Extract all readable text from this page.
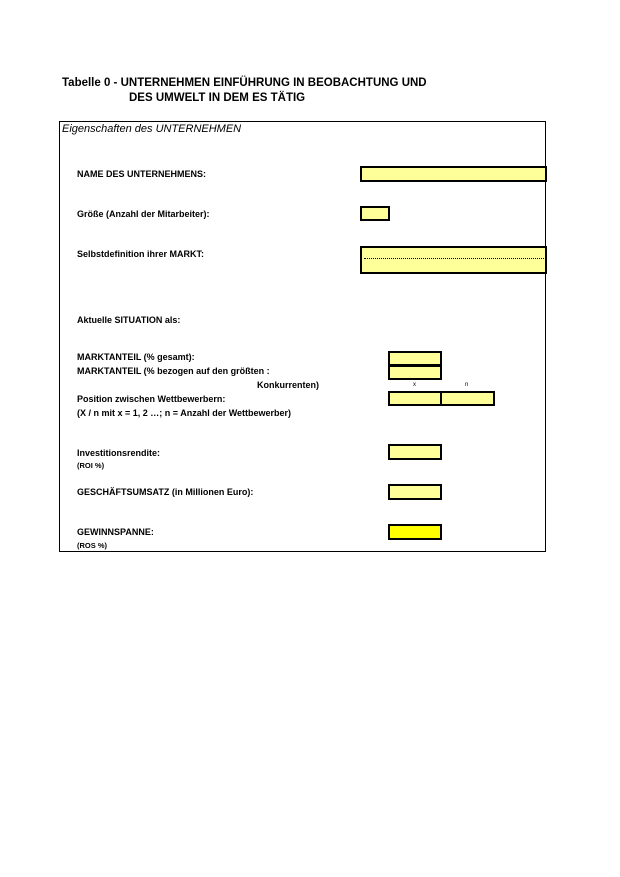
Tabelle 0 - UNTERNEHMEN EINFÜHRUNG IN BEOBACHTUNG UND
DES UMWELT IN DEM ES TÄTIG
Eigenschaften des UNTERNEHMEN
NAME DES UNTERNEHMENS:
Größe (Anzahl der Mitarbeiter):
Selbstdefinition ihrer MARKT:
Aktuelle SITUATION als:
MARKTANTEIL (% gesamt):
MARKTANTEIL (% bezogen auf den größten :
Konkurrenten)	x	n
Position zwischen Wettbewerbern:
(X / n mit x = 1, 2 …; n = Anzahl der Wettbewerber)
Investitionsrendite:
(ROI %)
GESCHÄFTSUMSATZ (in Millionen Euro):
GEWINNSPANNE:
(ROS %)
